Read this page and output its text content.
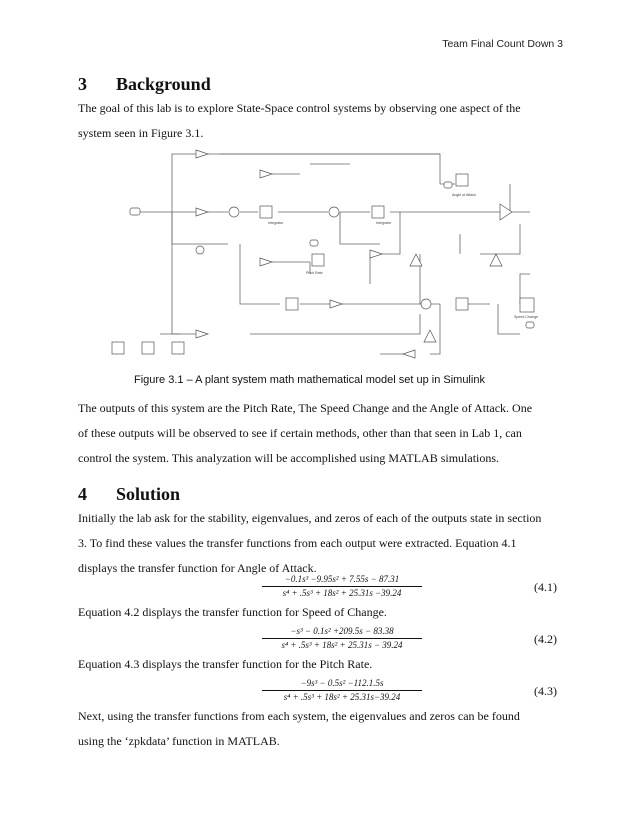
Team Final Count Down 3
3 Background
The goal of this lab is to explore State-Space control systems by observing one aspect of the
system seen in Figure 3.1.
Integrator	Integrator
Angle of Attack
Pitch Rate
Speed Change
Figure 3.1 – A plant system math mathematical model set up in Simulink
The outputs of this system are the Pitch Rate, The Speed Change and the Angle of Attack. One
of these outputs will be observed to see if certain methods, other than that seen in Lab 1, can
control the system. This analyzation will be accomplished using MATLAB simulations.
4 Solution
Initially the lab ask for the stability, eigenvalues, and zeros of each of the outputs state in section
3. To find these values the transfer functions from each output were extracted. Equation 4.1
displays the transfer function for Angle of Attack.
−0.1s³ −9.95s² + 7.55s − 87.31
s⁴ + .5s³ + 18s² + 25.31s −39.24	(4.1)
Equation 4.2 displays the transfer function for Speed of Change.
−s³ − 0.1s² +209.5s − 83.38
s⁴ + .5s³ + 18s² + 25.31s − 39.24	(4.2)
Equation 4.3 displays the transfer function for the Pitch Rate.
−9s³ − 0.5s² −112.1.5s
s⁴ + .5s³ + 18s² + 25.31s−39.24	(4.3)
Next, using the transfer functions from each system, the eigenvalues and zeros can be found
using the ‘zpkdata’ function in MATLAB.
